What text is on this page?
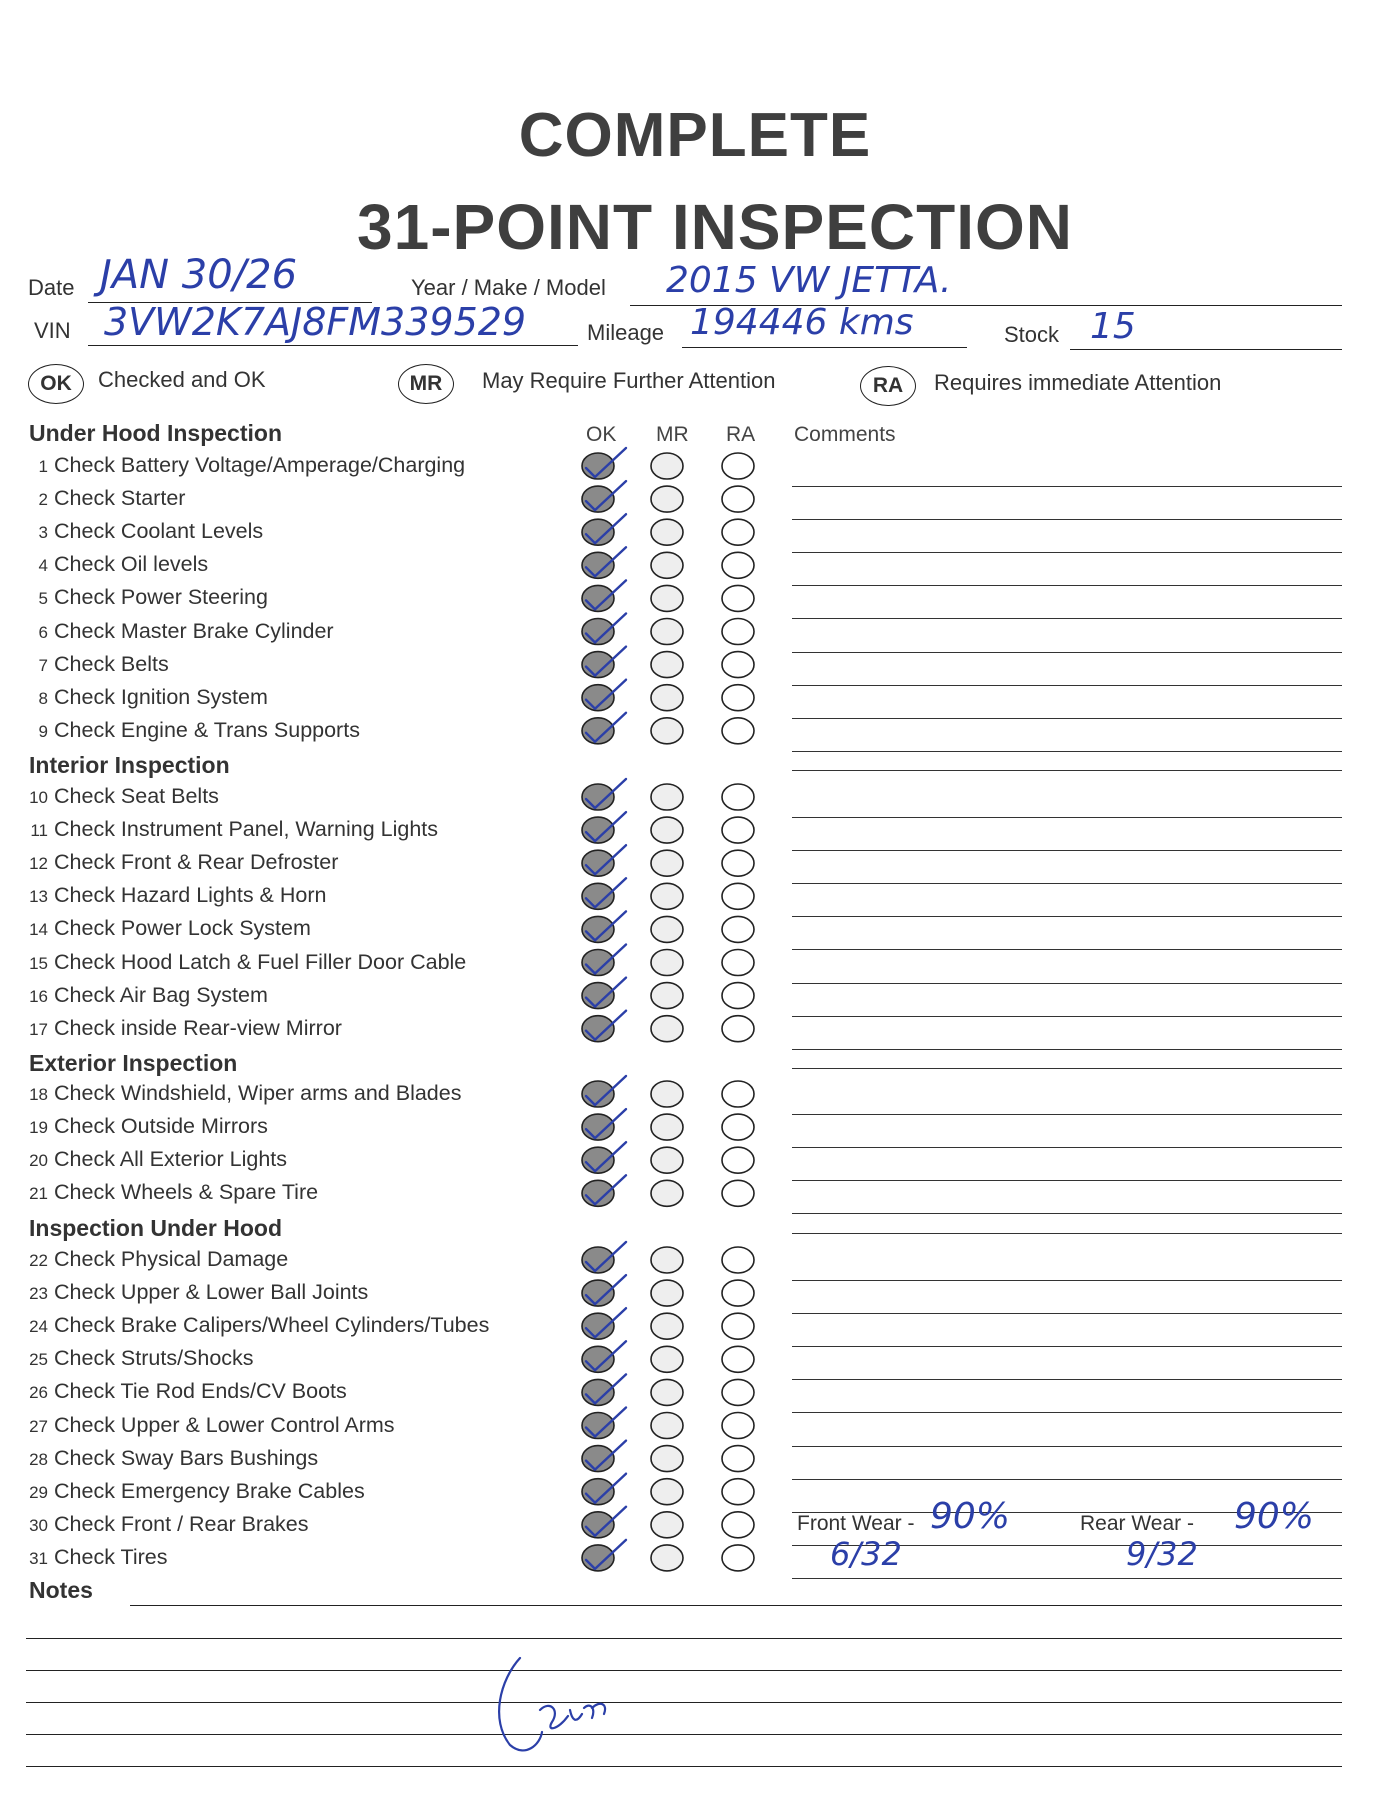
COMPLETE
31-POINT INSPECTION
Date JAN 30/26	Year / Make / Model 2015 VW JETTA.
VIN 3VW2K7AJ8FM339529	Mileage 194446 kms	Stock 15
OK	Checked and OK	MR	May Require Further Attention	RA	Requires immediate Attention
OK MR RA Comments
Under Hood Inspection
Interior Inspection
Exterior Inspection
Inspection Under Hood
1 Check Battery Voltage/Amperage/Charging
2 Check Starter
3 Check Coolant Levels
4 Check Oil levels
5 Check Power Steering
6 Check Master Brake Cylinder
7 Check Belts
8 Check Ignition System
9 Check Engine & Trans Supports
10 Check Seat Belts
11 Check Instrument Panel, Warning Lights
12 Check Front & Rear Defroster
13 Check Hazard Lights & Horn
14 Check Power Lock System
15 Check Hood Latch & Fuel Filler Door Cable
16 Check Air Bag System
17 Check inside Rear-view Mirror
18 Check Windshield, Wiper arms and Blades
19 Check Outside Mirrors
20 Check All Exterior Lights
21 Check Wheels & Spare Tire
22 Check Physical Damage
23 Check Upper & Lower Ball Joints
24 Check Brake Calipers/Wheel Cylinders/Tubes
25 Check Struts/Shocks
26 Check Tie Rod Ends/CV Boots
27 Check Upper & Lower Control Arms
28 Check Sway Bars Bushings
29 Check Emergency Brake Cables
30 Check Front / Rear Brakes
31 Check Tires
Front Wear - 90%	Rear Wear - 90%
6/32	9/32
Notes
